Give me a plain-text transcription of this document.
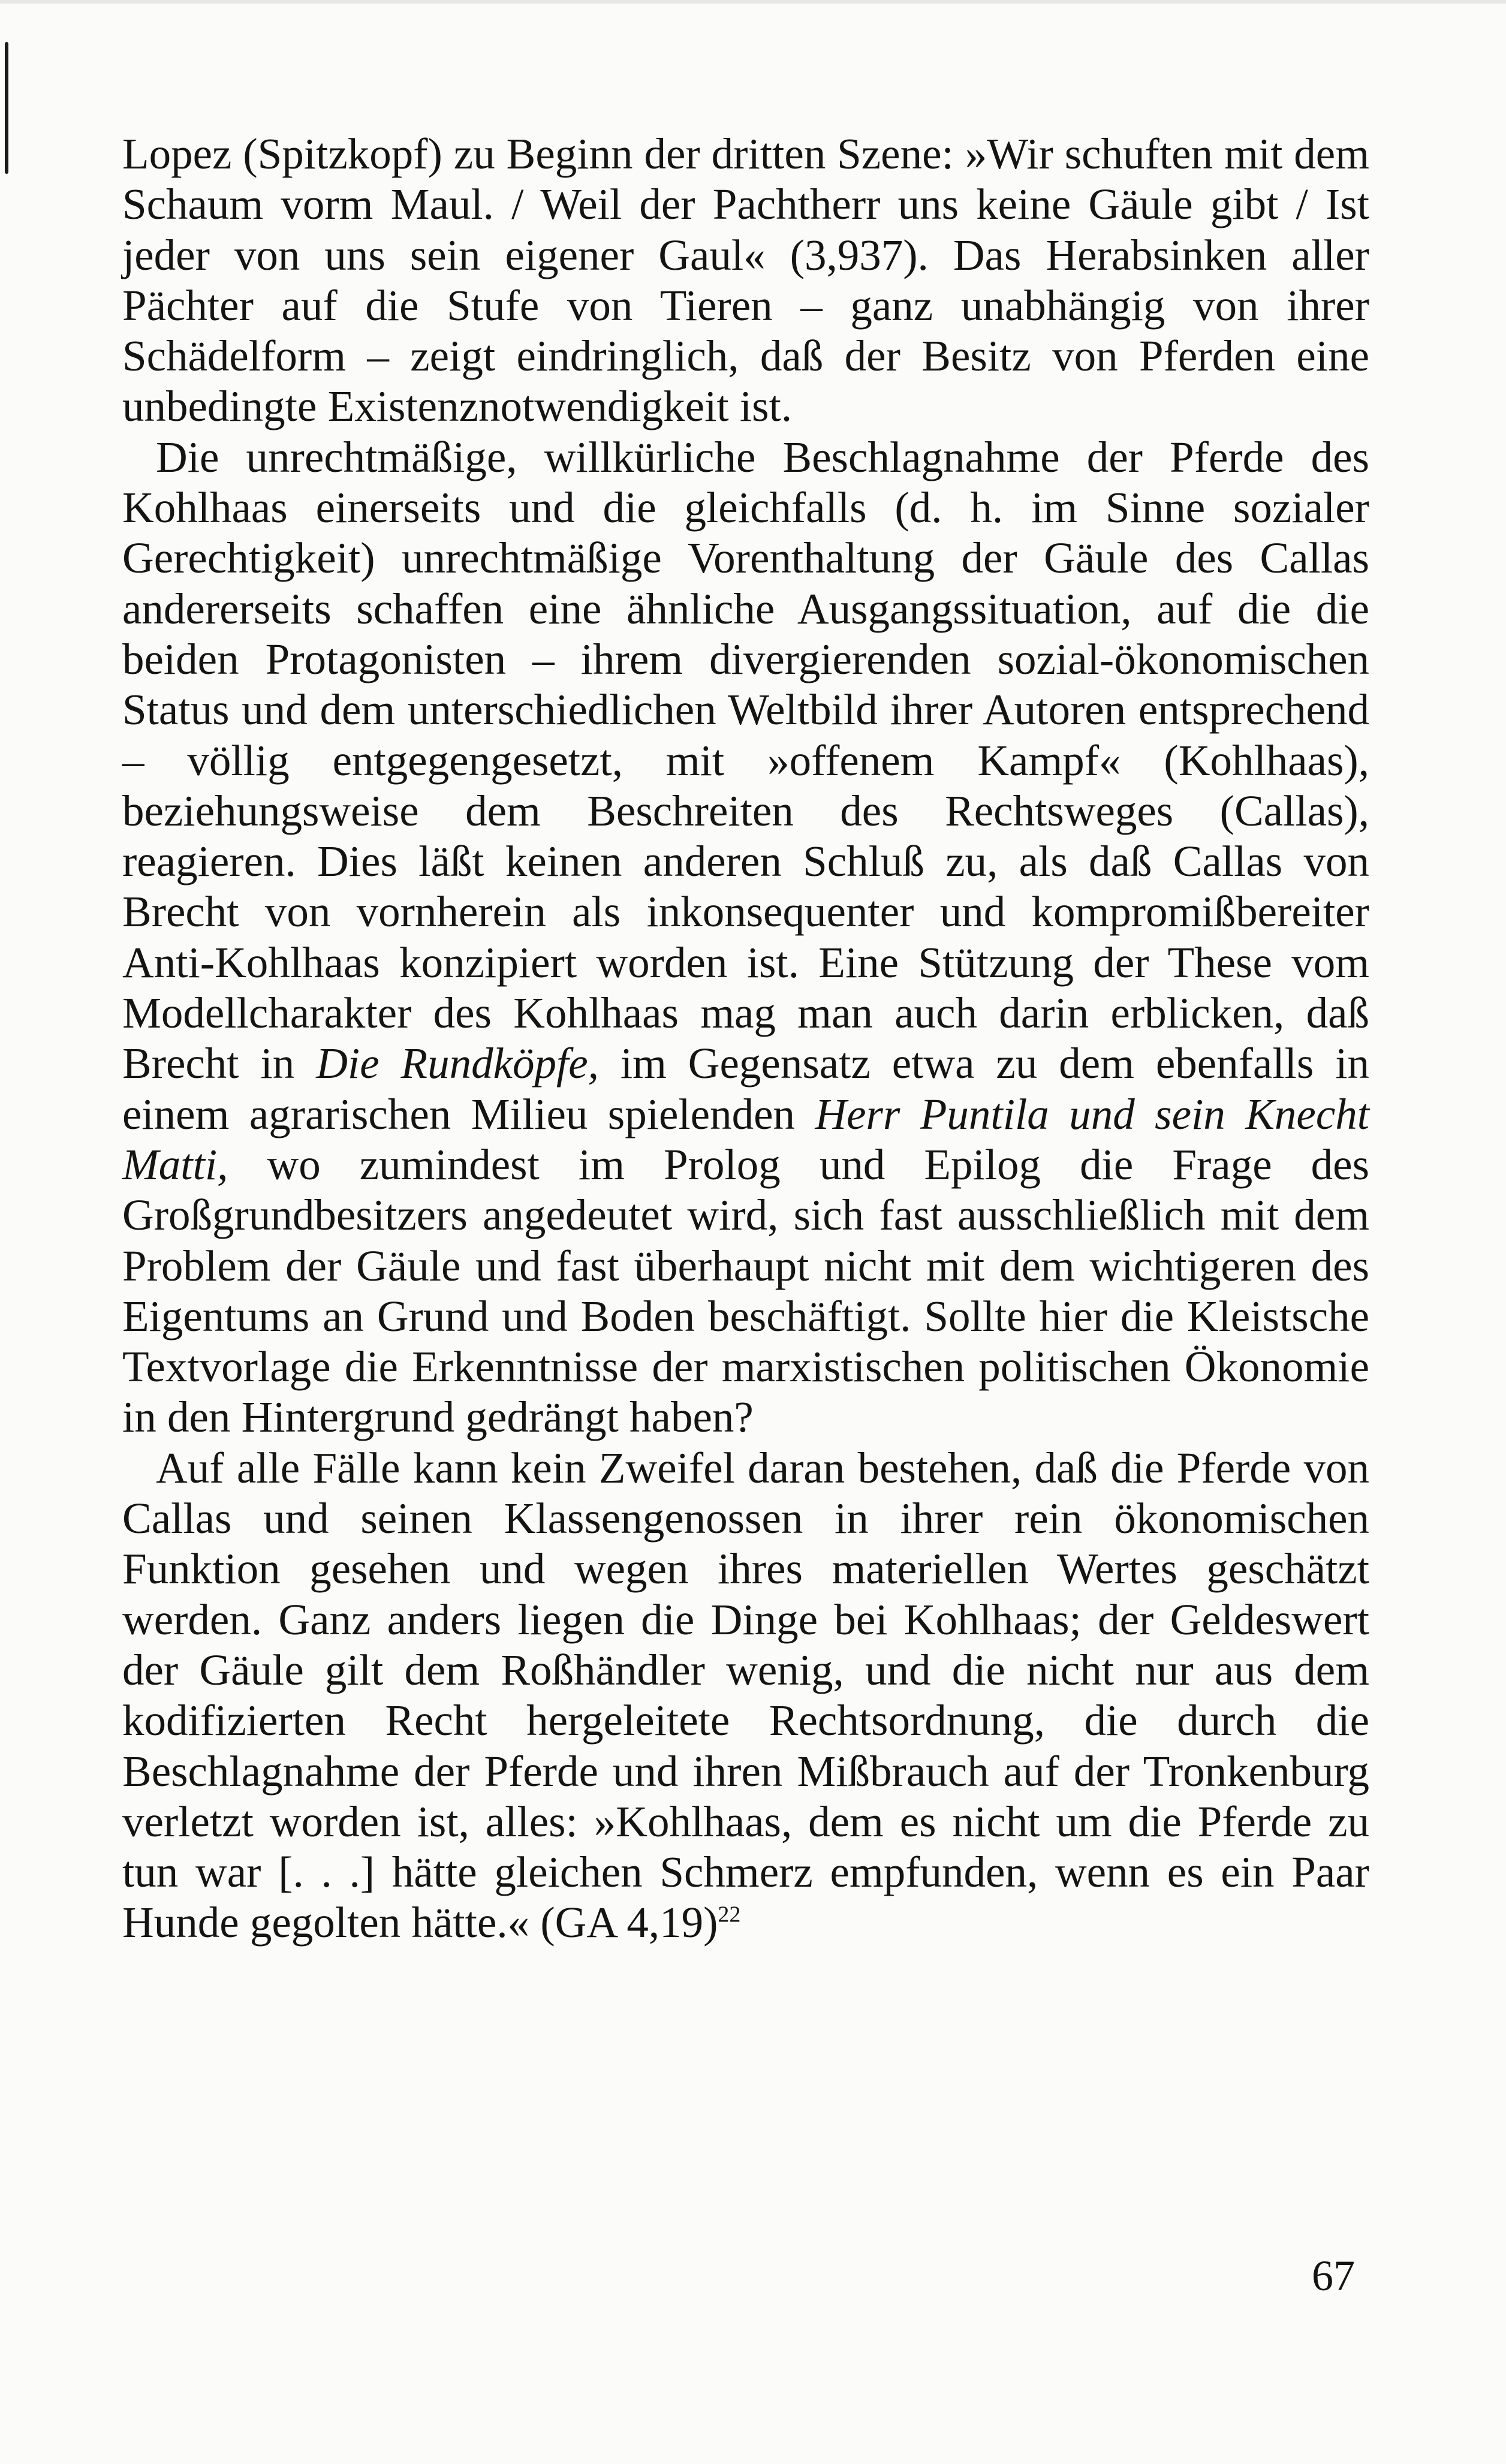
Lopez (Spitzkopf) zu Beginn der dritten Szene: »Wir schuften mit dem Schaum vorm Maul. / Weil der Pachtherr uns keine Gäule gibt / Ist jeder von uns sein eigener Gaul« (3,937). Das Herabsinken aller Pächter auf die Stufe von Tieren – ganz unabhängig von ihrer Schädelform – zeigt eindringlich, daß der Besitz von Pferden eine unbedingte Existenznotwendigkeit ist.

Die unrechtmäßige, willkürliche Beschlagnahme der Pferde des Kohlhaas einerseits und die gleichfalls (d. h. im Sinne sozialer Gerechtigkeit) unrechtmäßige Vorenthaltung der Gäule des Callas andererseits schaffen eine ähnliche Ausgangssituation, auf die die beiden Protagonisten – ihrem divergierenden sozial-ökonomischen Status und dem unterschiedlichen Weltbild ihrer Autoren entsprechend – völlig entgegengesetzt, mit »offenem Kampf« (Kohlhaas), beziehungsweise dem Beschreiten des Rechtsweges (Callas), reagieren. Dies läßt keinen anderen Schluß zu, als daß Callas von Brecht von vornherein als inkonsequenter und kompromißbereiter Anti-Kohlhaas konzipiert worden ist. Eine Stützung der These vom Modellcharakter des Kohlhaas mag man auch darin erblicken, daß Brecht in Die Rundköpfe, im Gegensatz etwa zu dem ebenfalls in einem agrarischen Milieu spielenden Herr Puntila und sein Knecht Matti, wo zumindest im Prolog und Epilog die Frage des Großgrundbesitzers angedeutet wird, sich fast ausschließlich mit dem Problem der Gäule und fast überhaupt nicht mit dem wichtigeren des Eigentums an Grund und Boden beschäftigt. Sollte hier die Kleistsche Textvorlage die Erkenntnisse der marxistischen politischen Ökonomie in den Hintergrund gedrängt haben?

Auf alle Fälle kann kein Zweifel daran bestehen, daß die Pferde von Callas und seinen Klassengenossen in ihrer rein ökonomischen Funktion gesehen und wegen ihres materiellen Wertes geschätzt werden. Ganz anders liegen die Dinge bei Kohlhaas; der Geldeswert der Gäule gilt dem Roßhändler wenig, und die nicht nur aus dem kodifizierten Recht hergeleitete Rechtsordnung, die durch die Beschlagnahme der Pferde und ihren Mißbrauch auf der Tronkenburg verletzt worden ist, alles: »Kohlhaas, dem es nicht um die Pferde zu tun war [. . .] hätte gleichen Schmerz empfunden, wenn es ein Paar Hunde gegolten hätte.« (GA 4,19)$^{22}$

67
